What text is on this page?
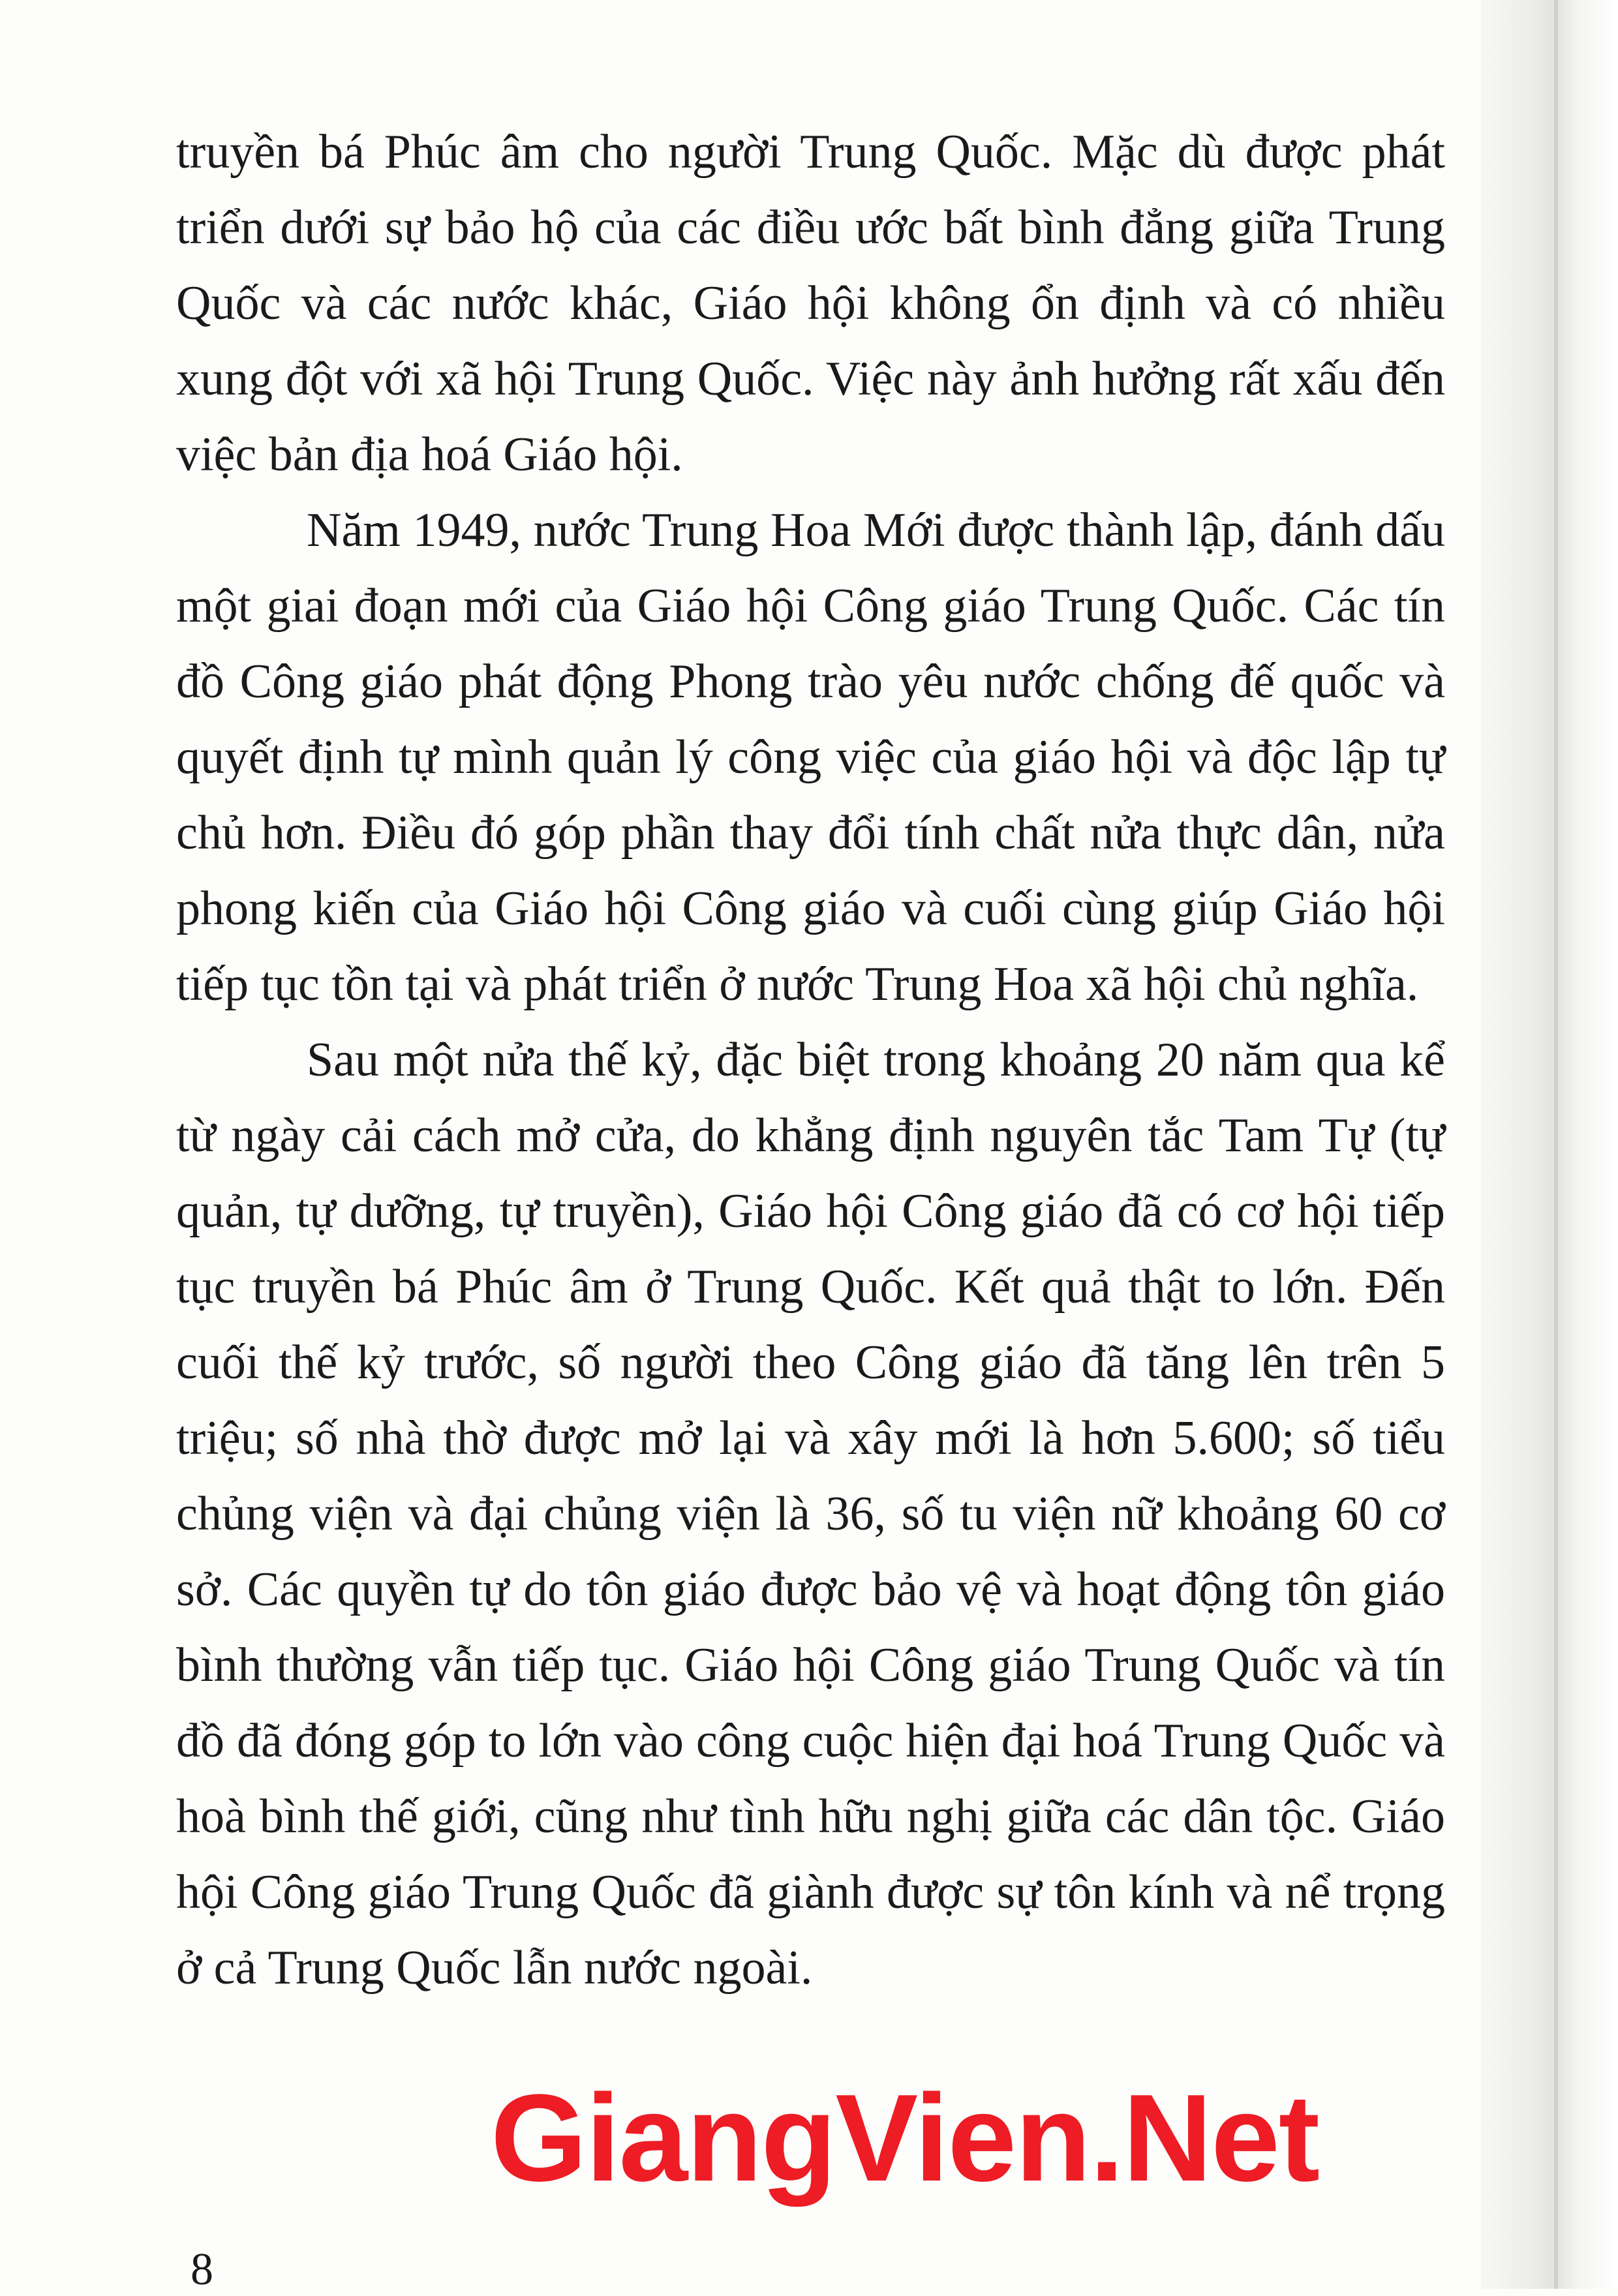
truyền bá Phúc âm cho người Trung Quốc. Mặc dù được phát triển dưới sự bảo hộ của các điều ước bất bình đẳng giữa Trung Quốc và các nước khác, Giáo hội không ổn định và có nhiều xung đột với xã hội Trung Quốc. Việc này ảnh hưởng rất xấu đến việc bản địa hoá Giáo hội.

Năm 1949, nước Trung Hoa Mới được thành lập, đánh dấu một giai đoạn mới của Giáo hội Công giáo Trung Quốc. Các tín đồ Công giáo phát động Phong trào yêu nước chống đế quốc và quyết định tự mình quản lý công việc của giáo hội và độc lập tự chủ hơn. Điều đó góp phần thay đổi tính chất nửa thực dân, nửa phong kiến của Giáo hội Công giáo và cuối cùng giúp Giáo hội tiếp tục tồn tại và phát triển ở nước Trung Hoa xã hội chủ nghĩa.

Sau một nửa thế kỷ, đặc biệt trong khoảng 20 năm qua kể từ ngày cải cách mở cửa, do khẳng định nguyên tắc Tam Tự (tự quản, tự dưỡng, tự truyền), Giáo hội Công giáo đã có cơ hội tiếp tục truyền bá Phúc âm ở Trung Quốc. Kết quả thật to lớn. Đến cuối thế kỷ trước, số người theo Công giáo đã tăng lên trên 5 triệu; số nhà thờ được mở lại và xây mới là hơn 5.600; số tiểu chủng viện và đại chủng viện là 36, số tu viện nữ khoảng 60 cơ sở. Các quyền tự do tôn giáo được bảo vệ và hoạt động tôn giáo bình thường vẫn tiếp tục. Giáo hội Công giáo Trung Quốc và tín đồ đã đóng góp to lớn vào công cuộc hiện đại hoá Trung Quốc và hoà bình thế giới, cũng như tình hữu nghị giữa các dân tộc. Giáo hội Công giáo Trung Quốc đã giành được sự tôn kính và nể trọng ở cả Trung Quốc lẫn nước ngoài.

GiangVien.Net
8
